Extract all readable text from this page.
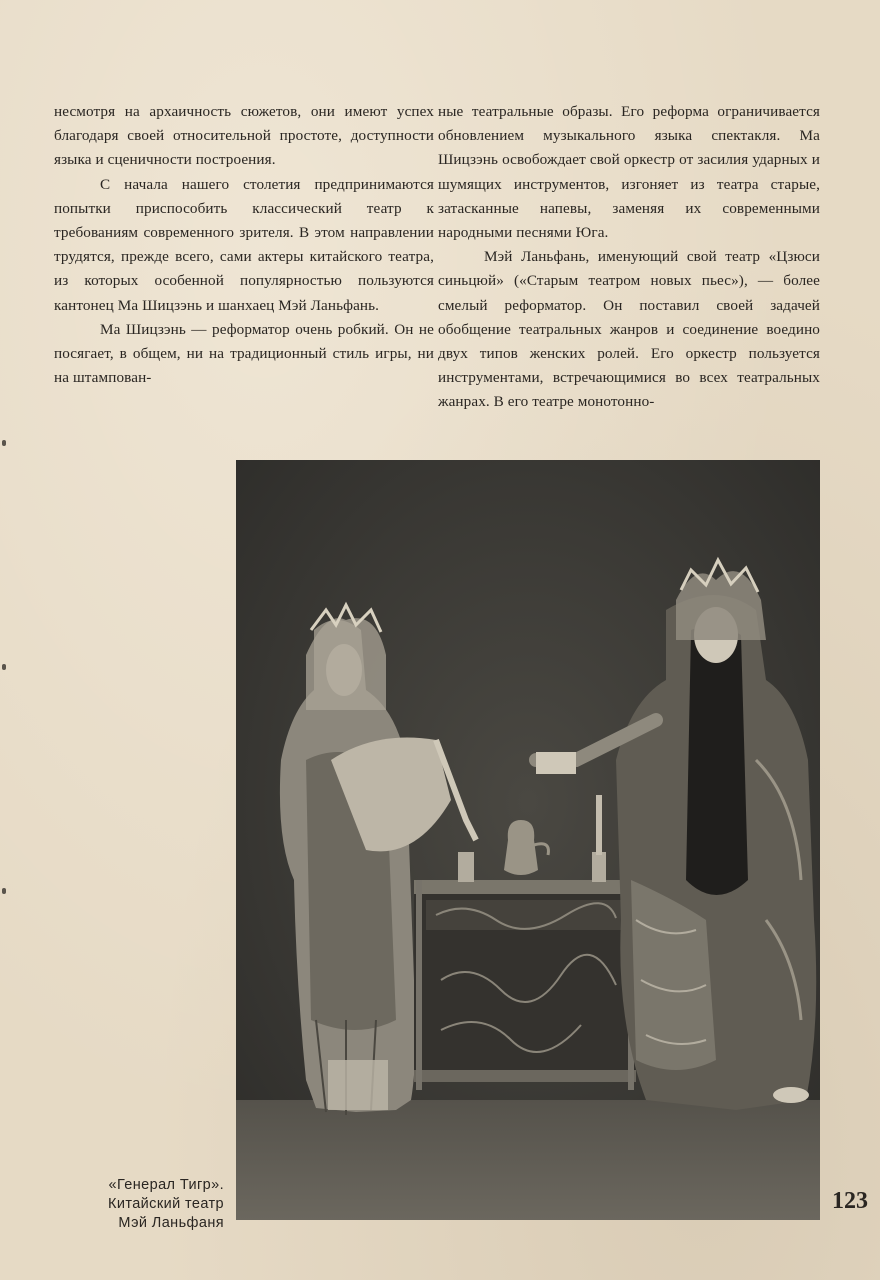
несмотря на архаичность сюжетов, они имеют успех благодаря своей относительной простоте, доступности языка и сценичности построения.

С начала нашего столетия предпринимаются попытки приспособить классический театр к требованиям современного зрителя. В этом направлении трудятся, прежде всего, сами актеры китайского театра, из которых особенной популярностью пользуются кантонец Ма Шицзэнь и шанхаец Мэй Ланьфань.

Ма Шицзэнь — реформатор очень робкий. Он не посягает, в общем, ни на традиционный стиль игры, ни на штампован-

ные театральные образы. Его реформа ограничивается обновлением музыкального языка спектакля. Ма Шицзэнь освобождает свой оркестр от засилия ударных и шумящих инструментов, изгоняет из театра старые, затасканные напевы, заменяя их современными народными песнями Юга.

Мэй Ланьфань, именующий свой театр «Цзюси синьцюй» («Старым театром новых пьес»), — более смелый реформатор. Он поставил своей задачей обобщение театральных жанров и соединение воедино двух типов женских ролей. Его оркестр пользуется инструментами, встречающимися во всех театральных жанрах. В его театре монотонно-

«Генерал Тигр».
Китайский театр
Мэй Ланьфаня
123
